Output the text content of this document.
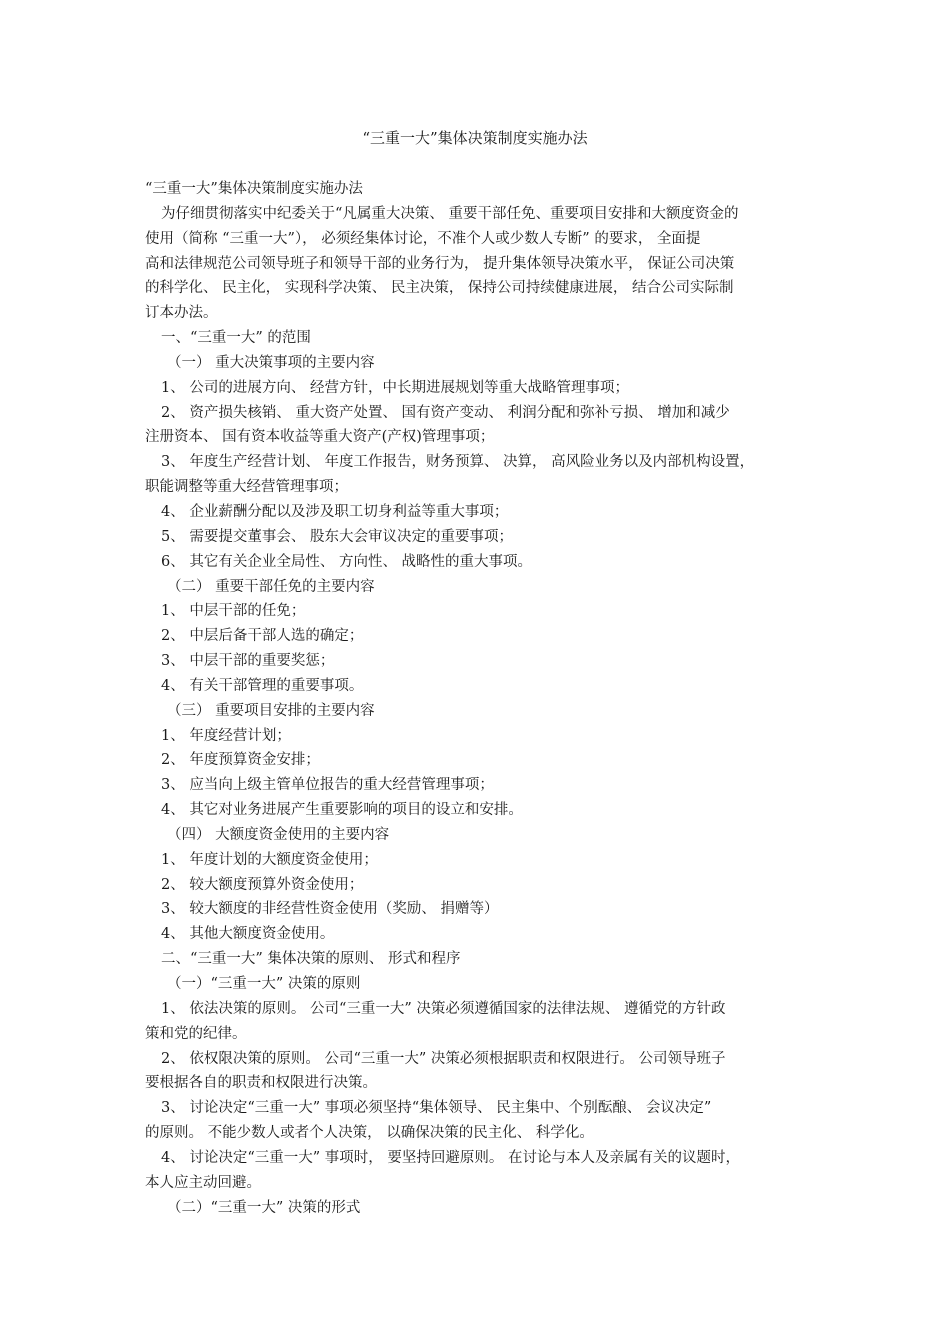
“三重一大”集体决策制度实施办法
“三重一大”集体决策制度实施办法
为仔细贯彻落实中纪委关于“凡属重大决策、 重要干部任免、重要项目安排和大额度资金的
使用（简称 “三重一大”）， 必须经集体讨论，不准个人或少数人专断” 的要求， 全面提
高和法律规范公司领导班子和领导干部的业务行为， 提升集体领导决策水平， 保证公司决策
的科学化、 民主化， 实现科学决策、 民主决策， 保持公司持续健康进展， 结合公司实际制
订本办法。
一、“三重一大” 的范围
（一） 重大决策事项的主要内容
1、 公司的进展方向、 经营方针，中长期进展规划等重大战略管理事项；
2、 资产损失核销、 重大资产处置、 国有资产变动、 利润分配和弥补亏损、 增加和减少
注册资本、 国有资本收益等重大资产(产权)管理事项；
3、 年度生产经营计划、 年度工作报告，财务预算、 决算， 高风险业务以及内部机构设置，
职能调整等重大经营管理事项；
4、 企业薪酬分配以及涉及职工切身利益等重大事项；
5、 需要提交董事会、 股东大会审议决定的重要事项；
6、 其它有关企业全局性、 方向性、 战略性的重大事项。
（二） 重要干部任免的主要内容
1、 中层干部的任免；
2、 中层后备干部人选的确定；
3、 中层干部的重要奖惩；
4、 有关干部管理的重要事项。
（三） 重要项目安排的主要内容
1、 年度经营计划；
2、 年度预算资金安排；
3、 应当向上级主管单位报告的重大经营管理事项；
4、 其它对业务进展产生重要影响的项目的设立和安排。
（四） 大额度资金使用的主要内容
1、 年度计划的大额度资金使用；
2、 较大额度预算外资金使用；
3、 较大额度的非经营性资金使用（奖励、 捐赠等）
4、 其他大额度资金使用。
二、“三重一大” 集体决策的原则、 形式和程序
（一）“三重一大” 决策的原则
1、 依法决策的原则。 公司“三重一大” 决策必须遵循国家的法律法规、 遵循党的方针政
策和党的纪律。
2、 依权限决策的原则。 公司“三重一大” 决策必须根据职责和权限进行。 公司领导班子
要根据各自的职责和权限进行决策。
3、 讨论决定“三重一大” 事项必须坚持“集体领导、 民主集中、个别酝酿、 会议决定”
的原则。 不能少数人或者个人决策， 以确保决策的民主化、 科学化。
4、 讨论决定“三重一大” 事项时， 要坚持回避原则。 在讨论与本人及亲属有关的议题时，
本人应主动回避。
（二）“三重一大” 决策的形式
